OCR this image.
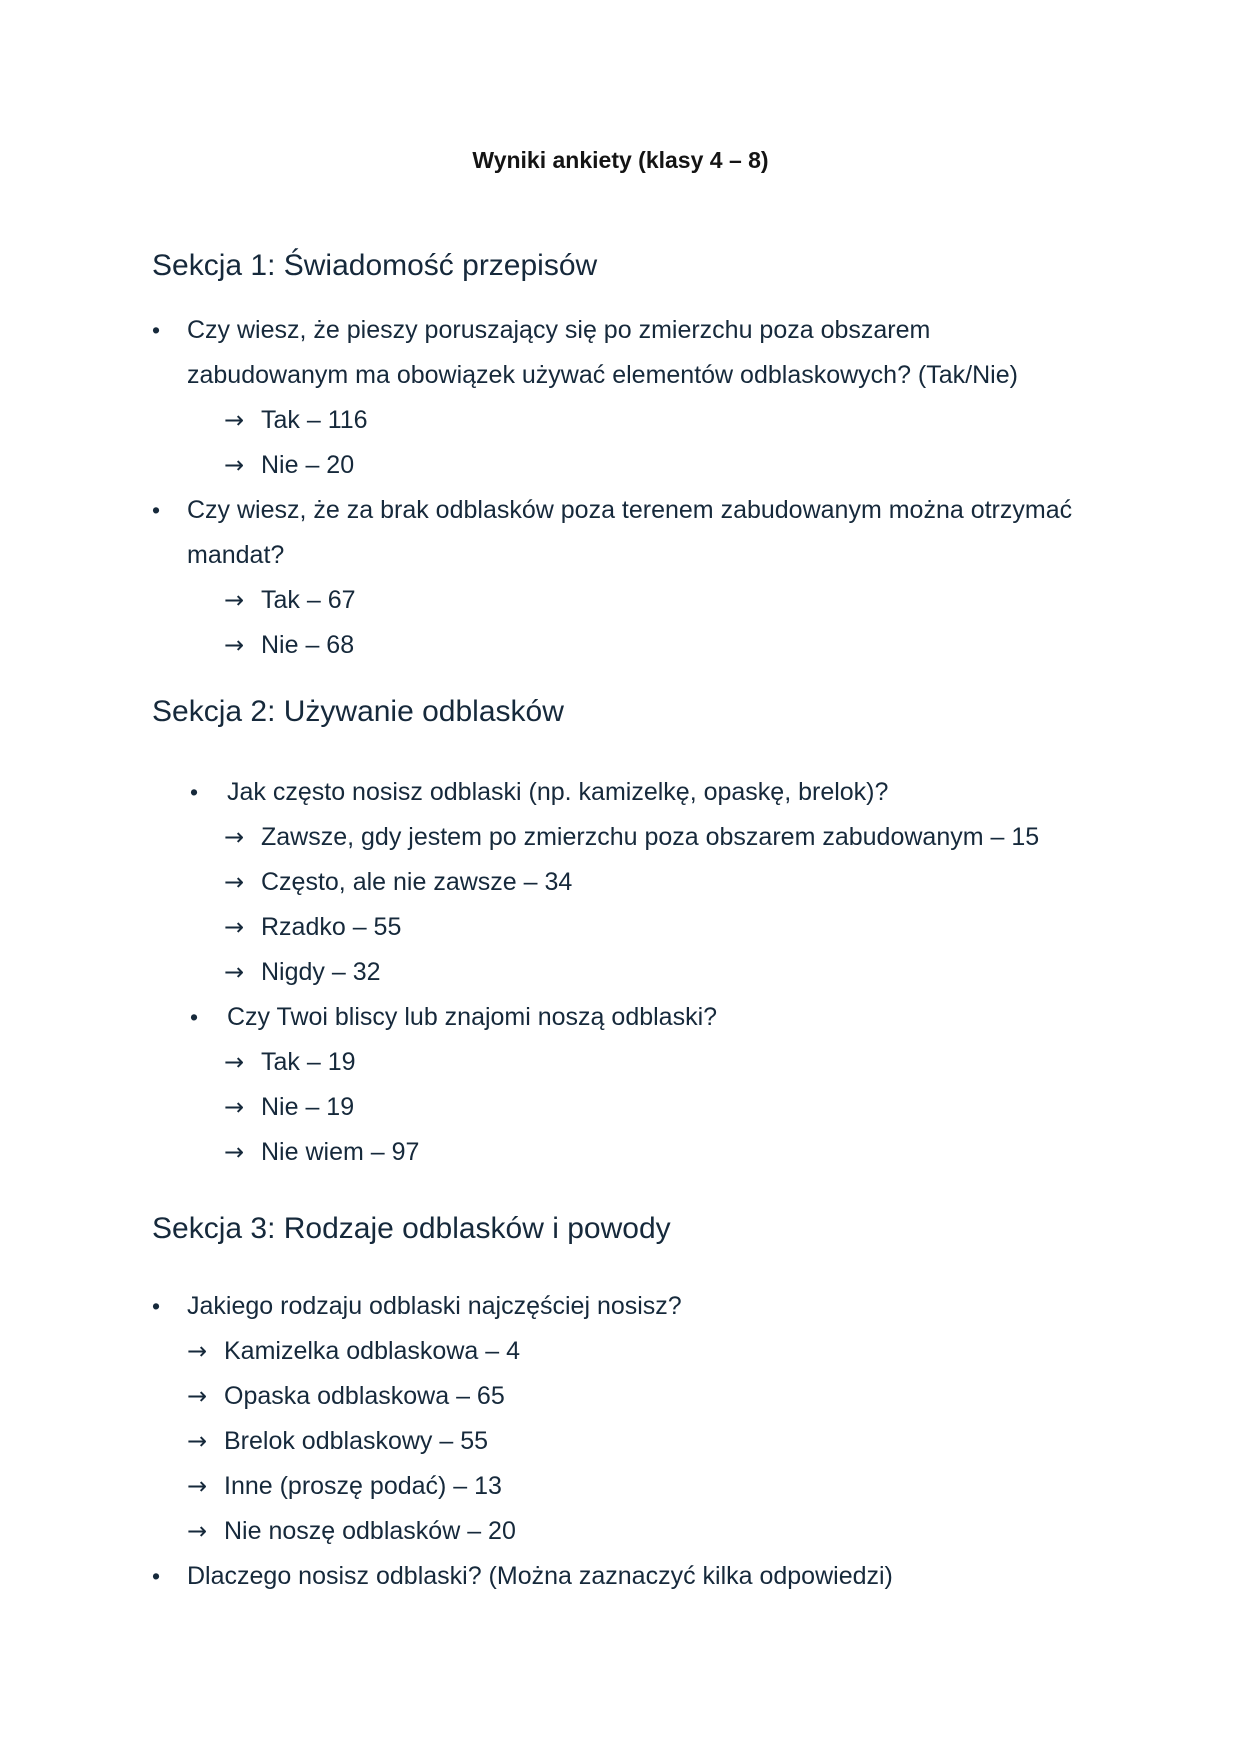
Wyniki ankiety (klasy 4 – 8)
Sekcja 1: Świadomość przepisów
• Czy wiesz, że pieszy poruszający się po zmierzchu poza obszarem
zabudowanym ma obowiązek używać elementów odblaskowych? (Tak/Nie)
→ Tak – 116
→ Nie – 20
• Czy wiesz, że za brak odblasków poza terenem zabudowanym można otrzymać
mandat?
→ Tak – 67
→ Nie – 68
Sekcja 2: Używanie odblasków
• Jak często nosisz odblaski (np. kamizelkę, opaskę, brelok)?
→ Zawsze, gdy jestem po zmierzchu poza obszarem zabudowanym – 15
→ Często, ale nie zawsze – 34
→ Rzadko – 55
→ Nigdy – 32
• Czy Twoi bliscy lub znajomi noszą odblaski?
→ Tak – 19
→ Nie – 19
→ Nie wiem – 97
Sekcja 3: Rodzaje odblasków i powody
• Jakiego rodzaju odblaski najczęściej nosisz?
→ Kamizelka odblaskowa – 4
→ Opaska odblaskowa – 65
→ Brelok odblaskowy – 55
→ Inne (proszę podać) – 13
→ Nie noszę odblasków – 20
• Dlaczego nosisz odblaski? (Można zaznaczyć kilka odpowiedzi)
